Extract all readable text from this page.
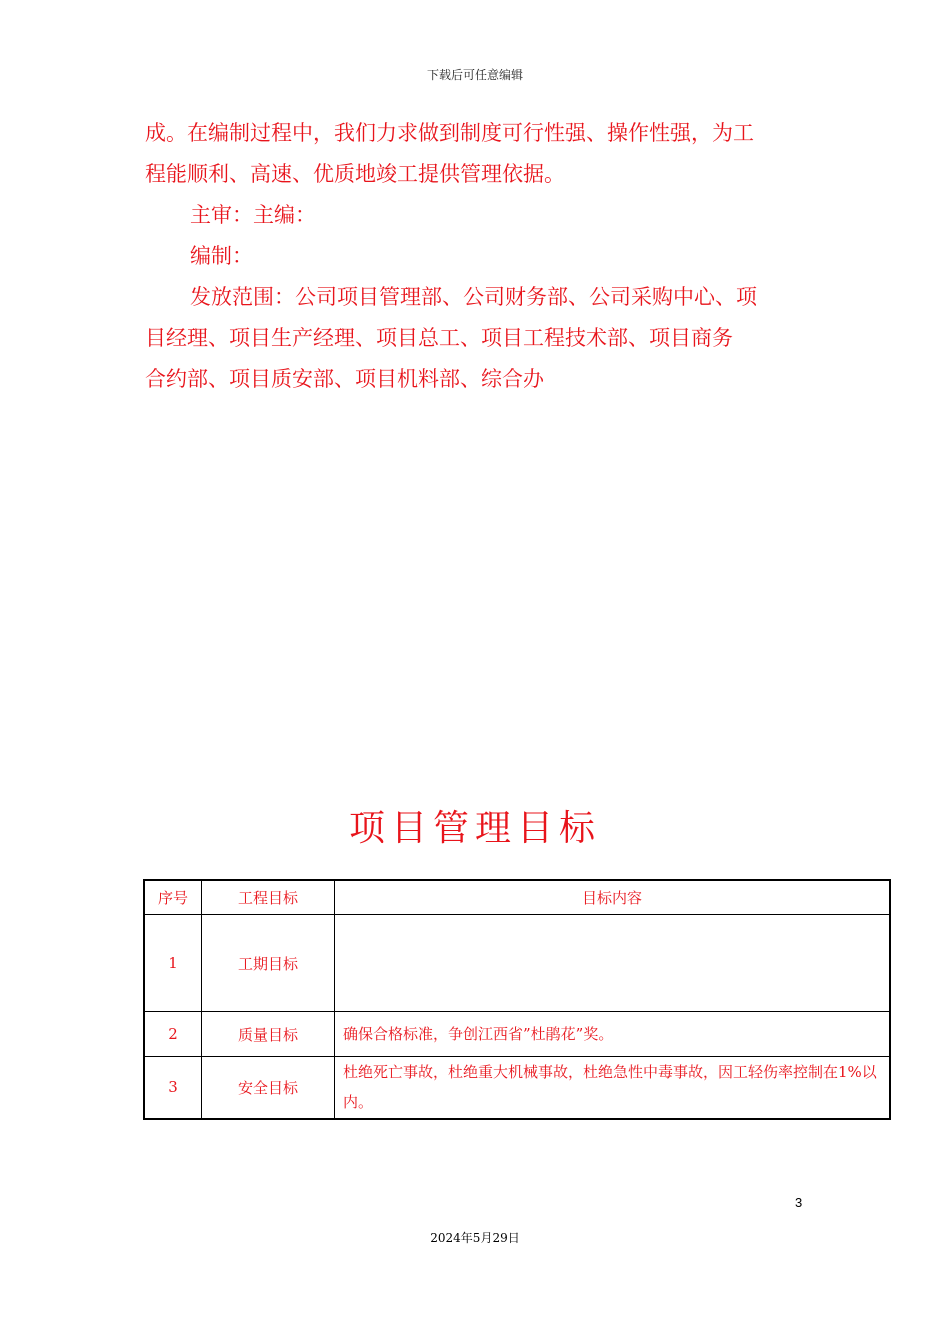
下载后可任意编辑
成。在编制过程中，我们力求做到制度可行性强、操作性强，为工
程能顺利、高速、优质地竣工提供管理依据。
主审：主编：
编制：
发放范围：公司项目管理部、公司财务部、公司采购中心、项
目经理、项目生产经理、项目总工、项目工程技术部、项目商务
合约部、项目质安部、项目机料部、综合办
项目管理目标
序号	工程目标	目标内容
1	工期目标	
2	质量目标	确保合格标准，争创江西省”杜鹃花”奖。
3	安全目标	杜绝死亡事故，杜绝重大机械事故，杜绝急性中毒事故，因工轻伤率控制在1%以内。
3
2024年5月29日
